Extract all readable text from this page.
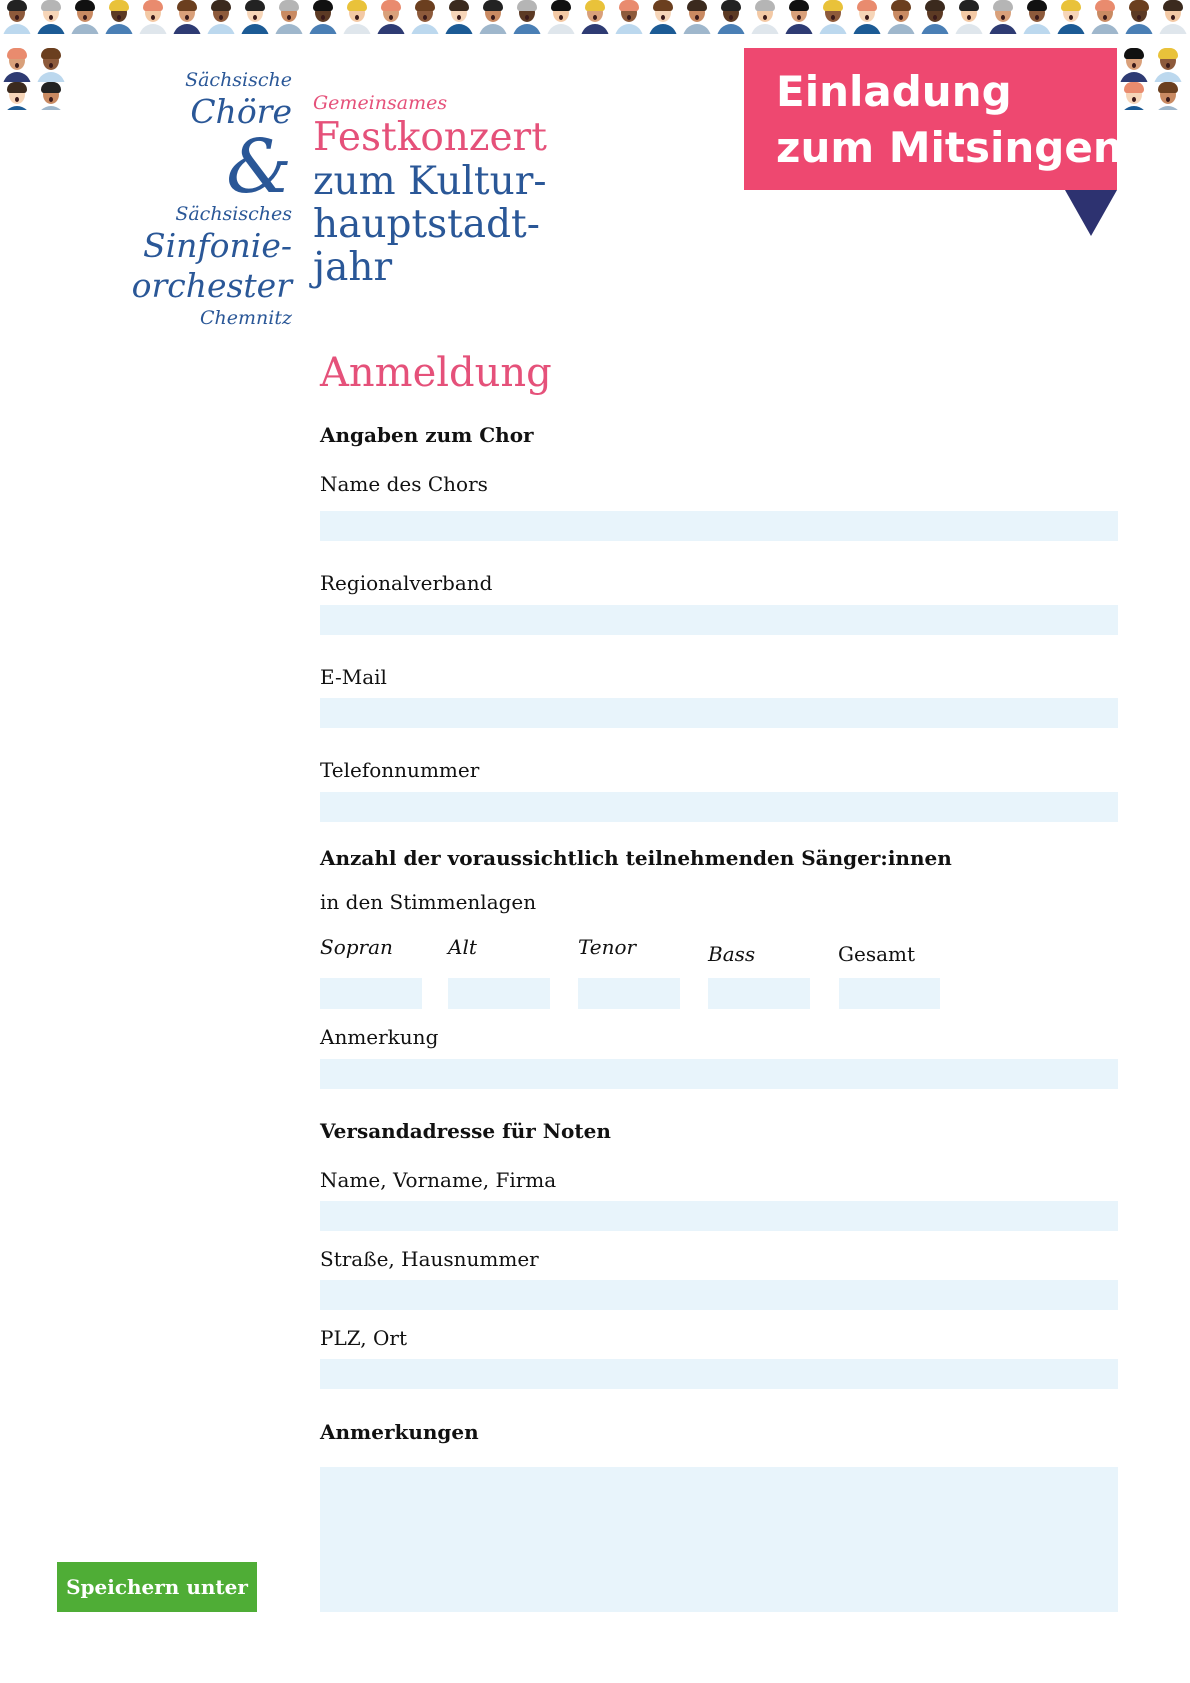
Einladung
zum Mitsingen
Sächsische
Chöre
&
Sächsisches
Sinfonie-
orchester
Chemnitz
Gemeinsames
Festkonzert
zum Kultur-
hauptstadt-
jahr
Anmeldung
Angaben zum Chor
Name des Chors
Regionalverband
E-Mail
Telefonnummer
Anzahl der voraussichtlich teilnehmenden Sänger:innen
in den Stimmenlagen
Sopran	Alt	Tenor	Bass	Gesamt
Anmerkung
Versandadresse für Noten
Name, Vorname, Firma
Straße, Hausnummer
PLZ, Ort
Anmerkungen
Speichern unter
